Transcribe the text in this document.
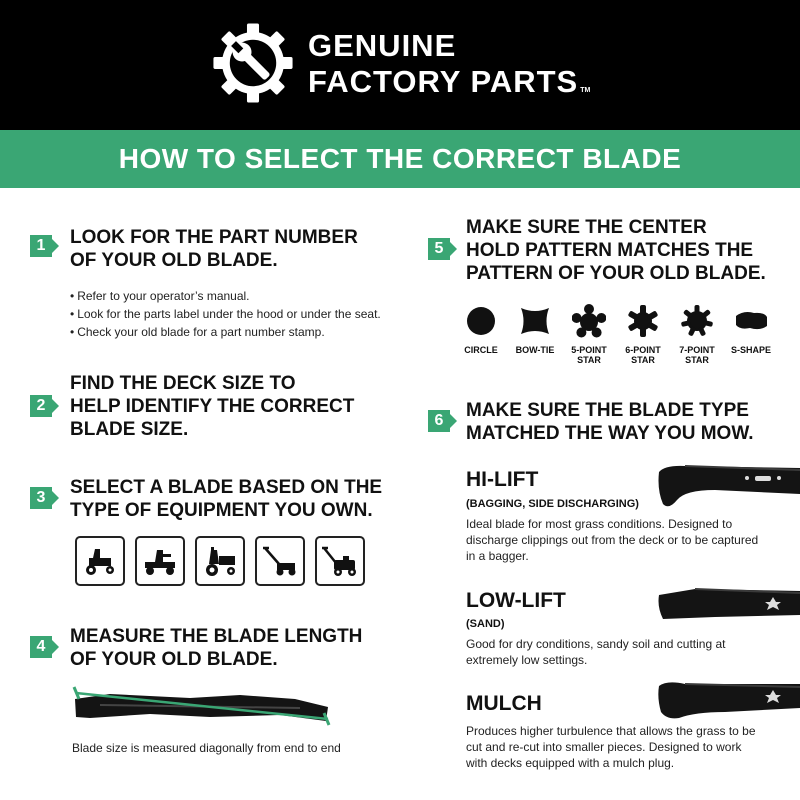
GENUINE
FACTORY PARTS TM
HOW TO SELECT THE CORRECT BLADE
1	LOOK FOR THE PART NUMBER
OF YOUR OLD BLADE.
• Refer to your operator’s manual.
• Look for the parts label under the hood or under the seat.
• Check your old blade for a part number stamp.
2
FIND THE DECK SIZE TO
HELP IDENTIFY THE CORRECT
BLADE SIZE.
3	SELECT A BLADE BASED ON THE
TYPE OF EQUIPMENT YOU OWN.
4	MEASURE THE BLADE LENGTH
OF YOUR OLD BLADE.
Blade size is measured diagonally from end to end
5
MAKE SURE THE CENTER
HOLD PATTERN MATCHES THE
PATTERN OF YOUR OLD BLADE.
CIRCLE	BOW-TIE	5-POINT
STAR
6-POINT
STAR
7-POINT
STAR
S-SHAPE
6	MAKE SURE THE BLADE TYPE
MATCHED THE WAY YOU MOW.
HI-LIFT
(BAGGING, SIDE DISCHARGING)
Ideal blade for most grass conditions. Designed to discharge clippings out from the deck or to be captured in a bagger.
LOW-LIFT
(SAND)
Good for dry conditions, sandy soil and cutting at extremely low settings.
MULCH
Produces higher turbulence that allows the grass to be cut and re-cut into smaller pieces. Designed to work with decks equipped with a mulch plug.
